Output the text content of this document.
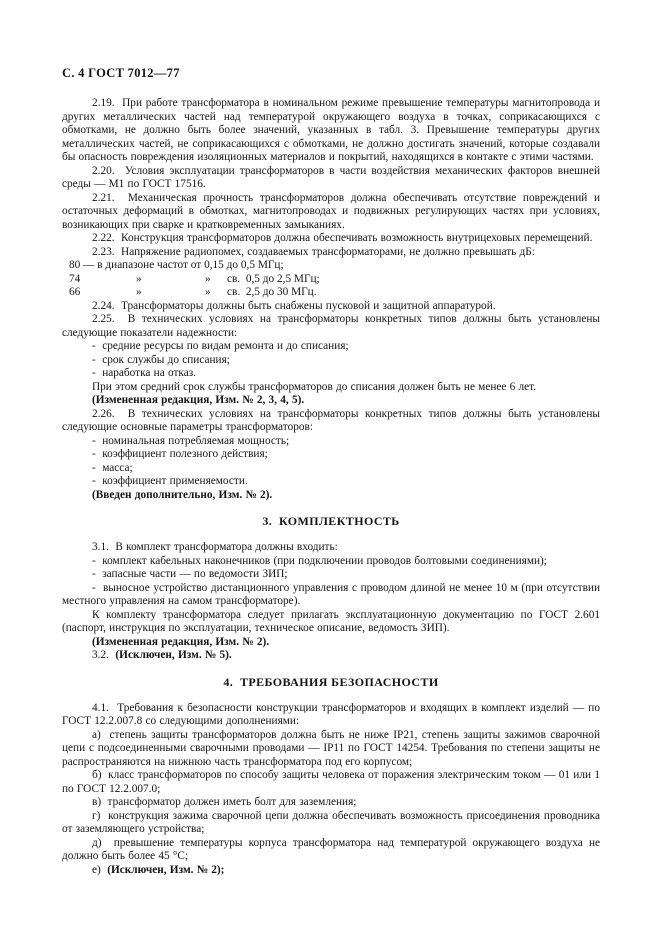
С. 4 ГОСТ 7012—77

2.19.  При работе трансформатора в номинальном режиме превышение температуры магнитопровода и других металлических частей над температурой окружающего воздуха в точках, соприкасающихся с обмотками, не должно быть более значений, указанных в табл. 3. Превышение температуры других металлических частей, не соприкасающихся с обмотками, не должно достигать значений, которые создавали бы опасность повреждения изоляционных материалов и покрытий, находящихся в контакте с этими частями.

2.20.  Условия эксплуатации трансформаторов в части воздействия механических факторов внешней среды — М1 по ГОСТ 17516.

2.21.  Механическая прочность трансформаторов должна обеспечивать отсутствие повреждений и остаточных деформаций в обмотках, магнитопроводах и подвижных регулирующих частях при условиях, возникающих при сварке и кратковременных замыканиях.

2.22.  Конструкция трансформаторов должна обеспечивать возможность внутрицеховых перемещений.

2.23.  Напряжение радиопомех, создаваемых трансформаторами, не должно превышать дБ:

80 — в диапазоне частот от 0,15 до 0,5 МГц;

74	»	»	св.  0,5 до 2,5 МГц;
66	»	»	св.  2,5 до 30 МГц.

2.24.  Трансформаторы должны быть снабжены пусковой и защитной аппаратурой.

2.25.  В технических условиях на трансформаторы конкретных типов должны быть установлены следующие показатели надежности:

-  средние ресурсы по видам ремонта и до списания;

-  срок службы до списания;

-  наработка на отказ.

При этом средний срок службы трансформаторов до списания должен быть не менее 6 лет.

(Измененная редакция, Изм. № 2, 3, 4, 5).

2.26.  В технических условиях на трансформаторы конкретных типов должны быть установлены следующие основные параметры трансформаторов:

-  номинальная потребляемая мощность;

-  коэффициент полезного действия;

-  масса;

-  коэффициент применяемости.

(Введен дополнительно, Изм. № 2).

3.  КОМПЛЕКТНОСТЬ

3.1.  В комплект трансформатора должны входить:

-  комплект кабельных наконечников (при подключении проводов болтовыми соединениями);

-  запасные части — по ведомости ЗИП;

-  выносное устройство дистанционного управления с проводом длиной не менее 10 м (при отсутствии местного управления на самом трансформаторе).

К комплекту трансформатора следует прилагать эксплуатационную документацию по ГОСТ 2.601 (паспорт, инструкция по эксплуатации, техническое описание, ведомость ЗИП).

(Измененная редакция, Изм. № 2).

3.2.  (Исключен, Изм. № 5).

4.  ТРЕБОВАНИЯ БЕЗОПАСНОСТИ

4.1.  Требования к безопасности конструкции трансформаторов и входящих в комплект изделий — по ГОСТ 12.2.007.8 со следующими дополнениями:

а)  степень защиты трансформаторов должна быть не ниже IP21, степень защиты зажимов сварочной цепи с подсоединенными сварочными проводами — IP11 по ГОСТ 14254. Требования по степени защиты не распространяются на нижнюю часть трансформатора под его корпусом;

б)  класс трансформаторов по способу защиты человека от поражения электрическим током — 01 или 1 по ГОСТ 12.2.007.0;

в)  трансформатор должен иметь болт для заземления;

г)  конструкция зажима сварочной цепи должна обеспечивать возможность присоединения проводника от заземляющего устройства;

д)  превышение температуры корпуса трансформатора над температурой окружающего воздуха не должно быть более 45 °С;

е)  (Исключен, Изм. № 2);
